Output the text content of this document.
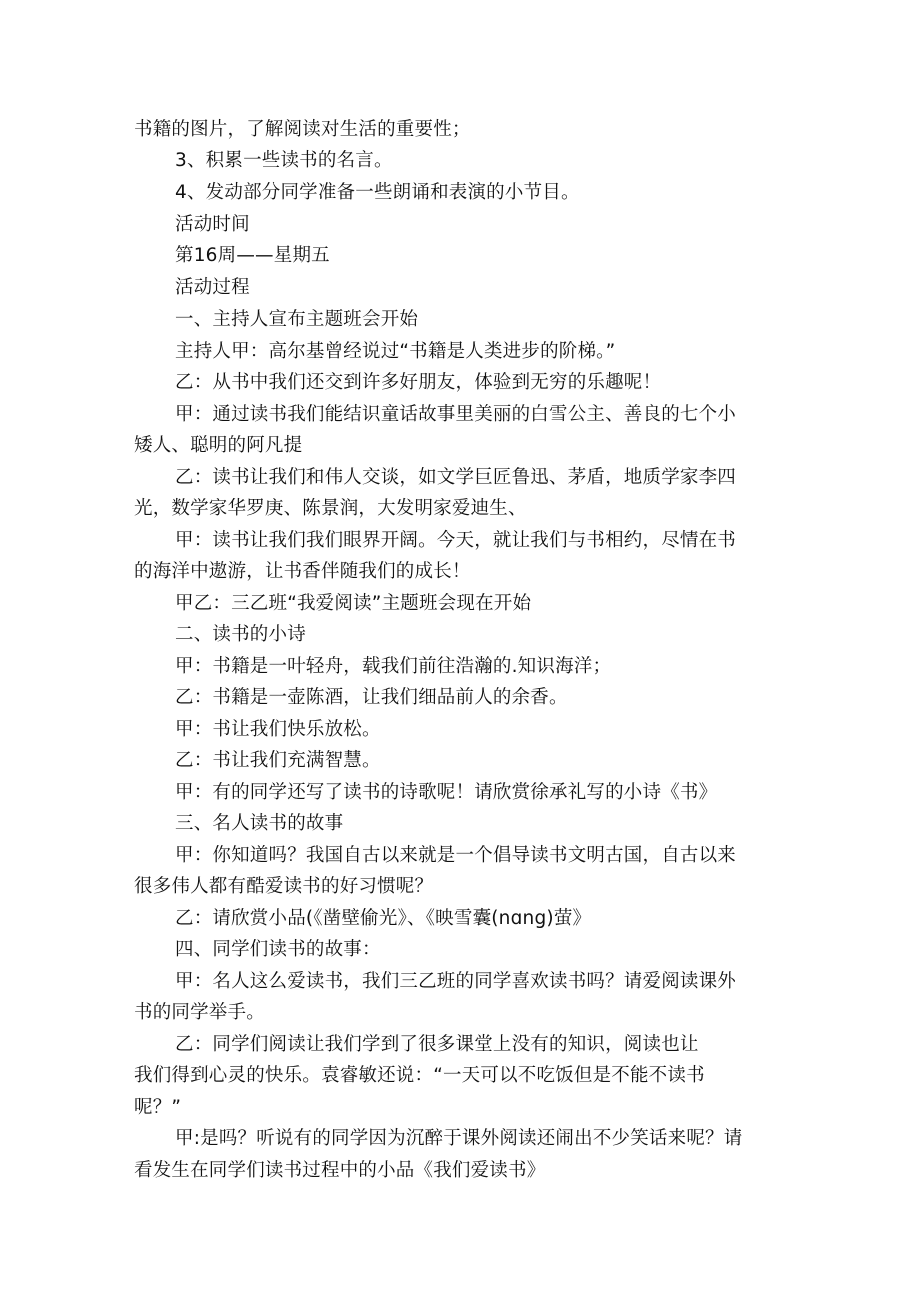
书籍的图片，了解阅读对生活的重要性；
3、积累一些读书的名言。
4、发动部分同学准备一些朗诵和表演的小节目。
活动时间
第16周——星期五
活动过程
一、主持人宣布主题班会开始
主持人甲：高尔基曾经说过“书籍是人类进步的阶梯。”
乙：从书中我们还交到许多好朋友，体验到无穷的乐趣呢！
甲：通过读书我们能结识童话故事里美丽的白雪公主、善良的七个小
矮人、聪明的阿凡提
乙：读书让我们和伟人交谈，如文学巨匠鲁迅、茅盾，地质学家李四
光，数学家华罗庚、陈景润，大发明家爱迪生、
甲：读书让我们我们眼界开阔。今天，就让我们与书相约，尽情在书
的海洋中遨游，让书香伴随我们的成长！
甲乙：三乙班“我爱阅读”主题班会现在开始
二、读书的小诗
甲：书籍是一叶轻舟，载我们前往浩瀚的.知识海洋；
乙：书籍是一壶陈酒，让我们细品前人的余香。
甲：书让我们快乐放松。
乙：书让我们充满智慧。
甲：有的同学还写了读书的诗歌呢！请欣赏徐承礼写的小诗《书》
三、名人读书的故事
甲：你知道吗？我国自古以来就是一个倡导读书文明古国，自古以来
很多伟人都有酷爱读书的好习惯呢？
乙：请欣赏小品(《凿壁偷光》、《映雪囊(nɑng)萤》
四、同学们读书的故事：
甲：名人这么爱读书，我们三乙班的同学喜欢读书吗？请爱阅读课外
书的同学举手。
乙：同学们阅读让我们学到了很多课堂上没有的知识，阅读也让
我们得到心灵的快乐。袁睿敏还说：“一天可以不吃饭但是不能不读书
呢？”
甲:是吗？听说有的同学因为沉醉于课外阅读还闹出不少笑话来呢？请
看发生在同学们读书过程中的小品《我们爱读书》
